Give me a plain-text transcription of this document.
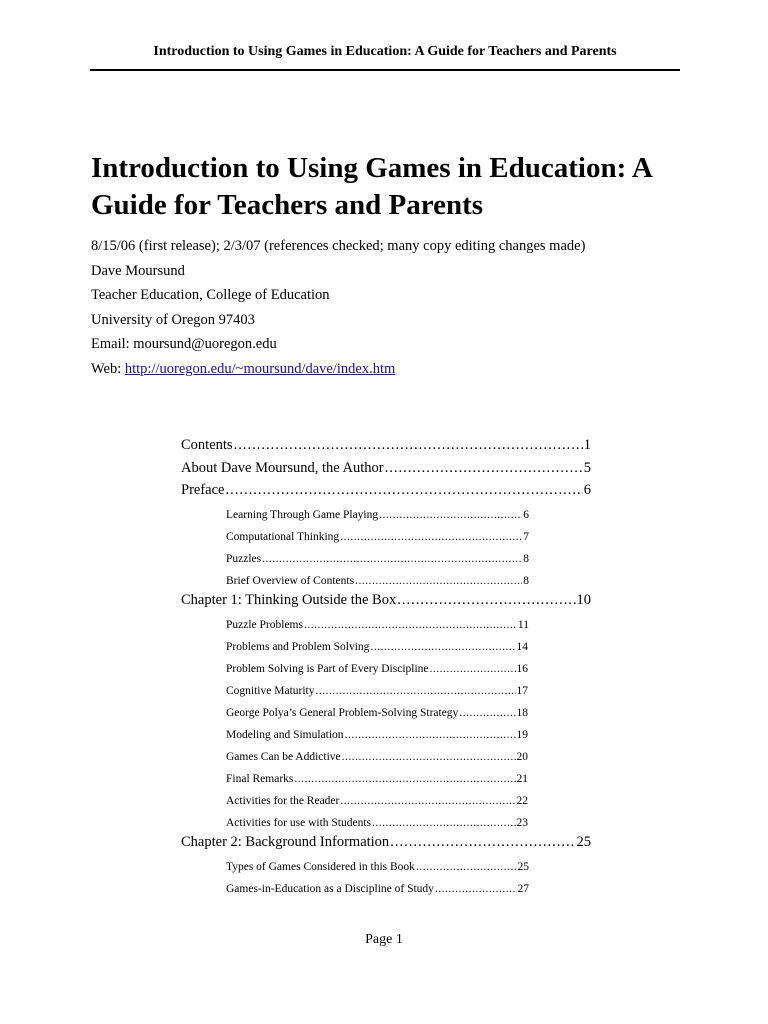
Introduction to Using Games in Education: A Guide for Teachers and Parents
Introduction to Using Games in Education: A
Guide for Teachers and Parents
8/15/06 (first release); 2/3/07 (references checked; many copy editing changes made)
Dave Moursund
Teacher Education, College of Education
University of Oregon 97403
Email: moursund@uoregon.edu
Web: http://uoregon.edu/~moursund/dave/index.htm
Contents .....	1
About Dave Moursund, the Author .....	5
Preface .....	6
Learning Through Game Playing .....	6
Computational Thinking .....	7
Puzzles .....	8
Brief Overview of Contents .....	8
Chapter 1: Thinking Outside the Box .....	10
Puzzle Problems .....	11
Problems and Problem Solving .....	14
Problem Solving is Part of Every Discipline .....	16
Cognitive Maturity .....	17
George Polya’s General Problem-Solving Strategy .....	18
Modeling and Simulation .....	19
Games Can be Addictive .....	20
Final Remarks .....	21
Activities for the Reader .....	22
Activities for use with Students .....	23
Chapter 2: Background Information .....	25
Types of Games Considered in this Book .....	25
Games-in-Education as a Discipline of Study .....	27
Page 1
